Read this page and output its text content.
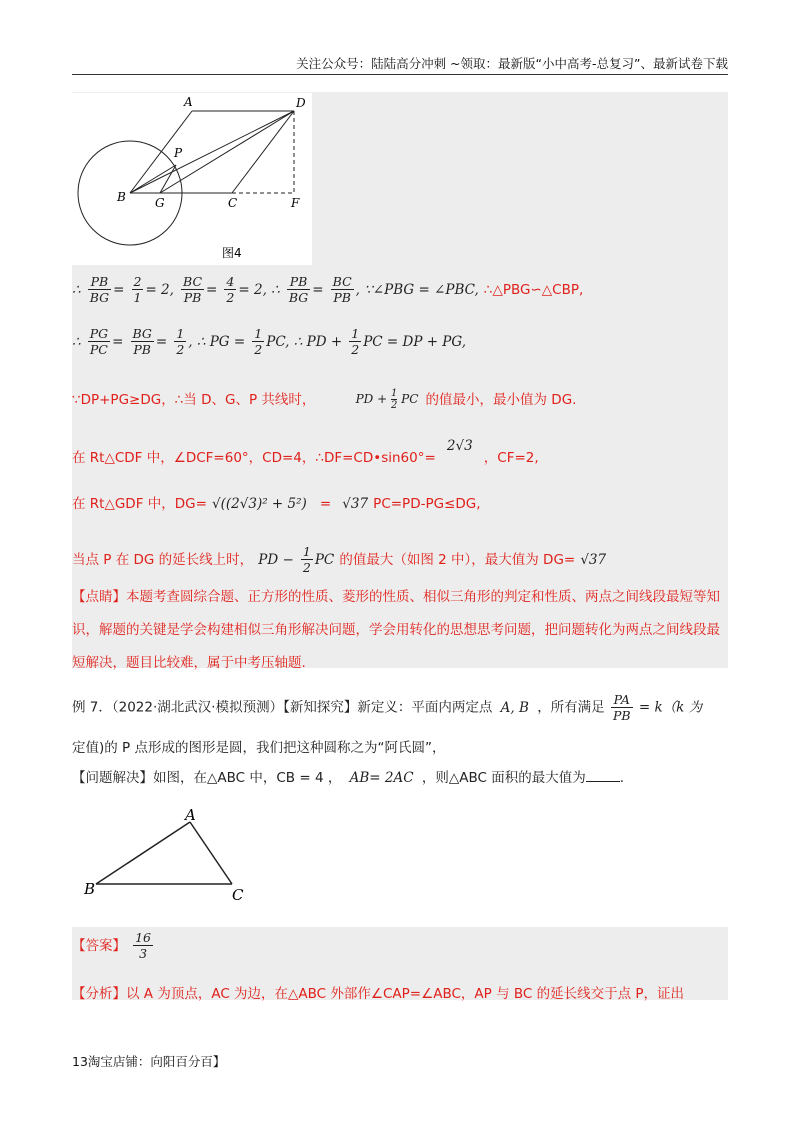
关注公众号：陆陆高分冲刺 ~领取：最新版“小中高考-总复习”、最新试卷下载
A	D
P
B G	C	F
图4
∴ $\frac{PB}{BG} = \frac{2}{1} = 2$, $\frac{BC}{PB} = \frac{4}{2} = 2$, ∴ $\frac{PB}{BG} = \frac{BC}{PB}$ , ∵∠PBG = ∠PBC, ∴△PBG∽△CBP,
∴ $\frac{PG}{PC} = \frac{BG}{PB} = \frac{1}{2}$ , ∴ PG = $\frac{1}{2}$ PC, ∴ PD + $\frac{1}{2}$ PC = DP + PG,
∵DP+PG≥DG，∴当 D、G、P 共线时，	PD + $\frac{1}{2}$ PC 的值最小，最小值为 DG.
在 Rt△CDF 中，∠DCF=60°，CD=4，∴DF=CD•sin60°= $^{2√3}$ ，CF=2,
在 Rt△GDF 中，DG= √((2√3)² + 5²) = √37 PC=PD-PG≤DG,
当点 P 在 DG 的延长线上时， PD − $\frac{1}{2}$ PC 的值最大（如图 2 中），最大值为 DG= √37
【点睛】本题考查圆综合题、正方形的性质、菱形的性质、相似三角形的判定和性质、两点之间线段最短等知识，解题的关键是学会构建相似三角形解决问题，学会用转化的思想思考问题，把问题转化为两点之间线段最短解决，题目比较难，属于中考压轴题.
例 7．（2022·湖北武汉·模拟预测）【新知探究】新定义：平面内两定点 A, B ，所有满足 $\frac{PA}{PB} = k(k$ 为
定值)的 P 点形成的图形是圆，我们把这种圆称之为“阿氏圆”，
【问题解决】如图，在△ABC 中，CB = 4 ， AB= 2AC ，则△ABC 面积的最大值为	.
A
B	C
【答案】 $\frac{16}{3}$
【分析】以 A 为顶点，AC 为边，在△ABC 外部作∠CAP=∠ABC，AP 与 BC 的延长线交于点 P，证出
13淘宝店铺：向阳百分百】
